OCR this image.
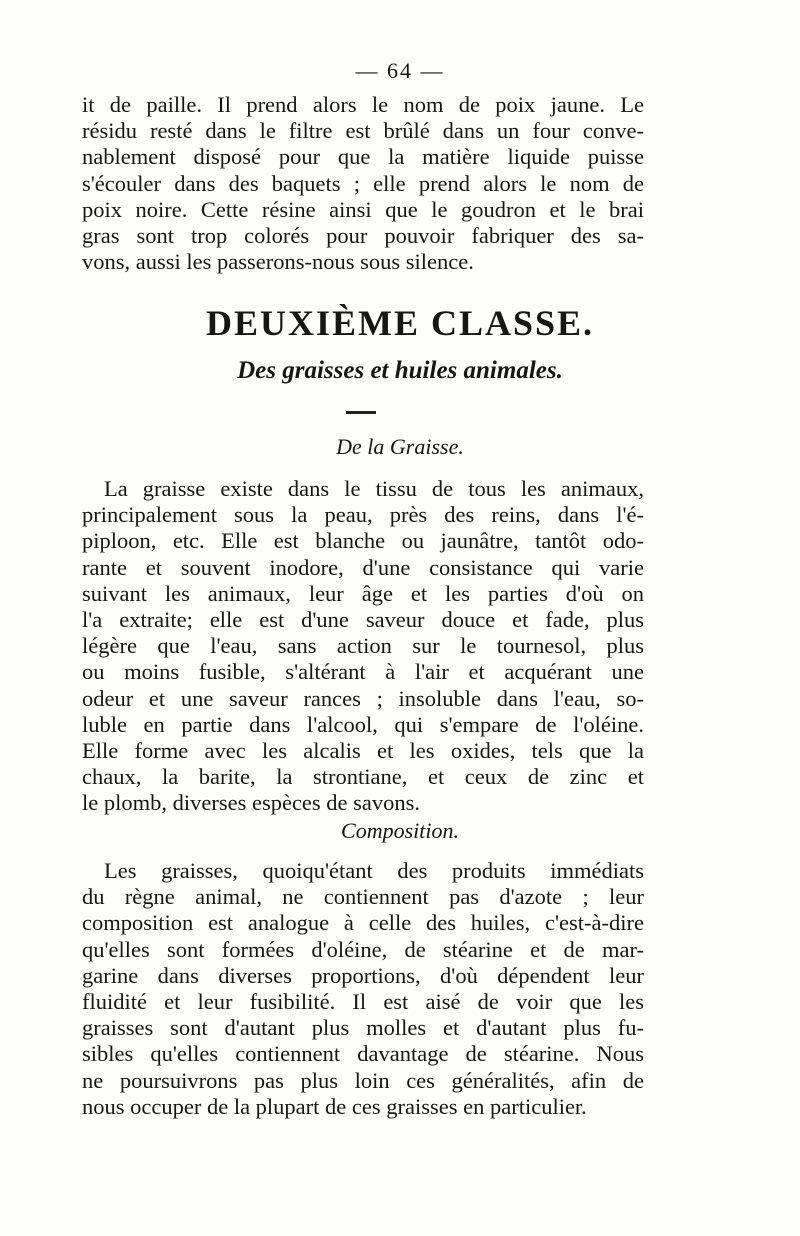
— 64 —
it de paille. Il prend alors le nom de poix jaune. Le
résidu resté dans le filtre est brûlé dans un four conve-
nablement disposé pour que la matière liquide puisse
s'écouler dans des baquets ; elle prend alors le nom de
poix noire. Cette résine ainsi que le goudron et le brai
gras sont trop colorés pour pouvoir fabriquer des sa-
vons, aussi les passerons-nous sous silence.
DEUXIÈME CLASSE.
Des graisses et huiles animales.
De la Graisse.
La graisse existe dans le tissu de tous les animaux,
principalement sous la peau, près des reins, dans l'é-
piploon, etc. Elle est blanche ou jaunâtre, tantôt odo-
rante et souvent inodore, d'une consistance qui varie
suivant les animaux, leur âge et les parties d'où on
l'a extraite; elle est d'une saveur douce et fade, plus
légère que l'eau, sans action sur le tournesol, plus
ou moins fusible, s'altérant à l'air et acquérant une
odeur et une saveur rances ; insoluble dans l'eau, so-
luble en partie dans l'alcool, qui s'empare de l'oléine.
Elle forme avec les alcalis et les oxides, tels que la
chaux, la barite, la strontiane, et ceux de zinc et
le plomb, diverses espèces de savons.
Composition.
Les graisses, quoiqu'étant des produits immédiats
du règne animal, ne contiennent pas d'azote ; leur
composition est analogue à celle des huiles, c'est-à-dire
qu'elles sont formées d'oléine, de stéarine et de mar-
garine dans diverses proportions, d'où dépendent leur
fluidité et leur fusibilité. Il est aisé de voir que les
graisses sont d'autant plus molles et d'autant plus fu-
sibles qu'elles contiennent davantage de stéarine. Nous
ne poursuivrons pas plus loin ces généralités, afin de
nous occuper de la plupart de ces graisses en particulier.
